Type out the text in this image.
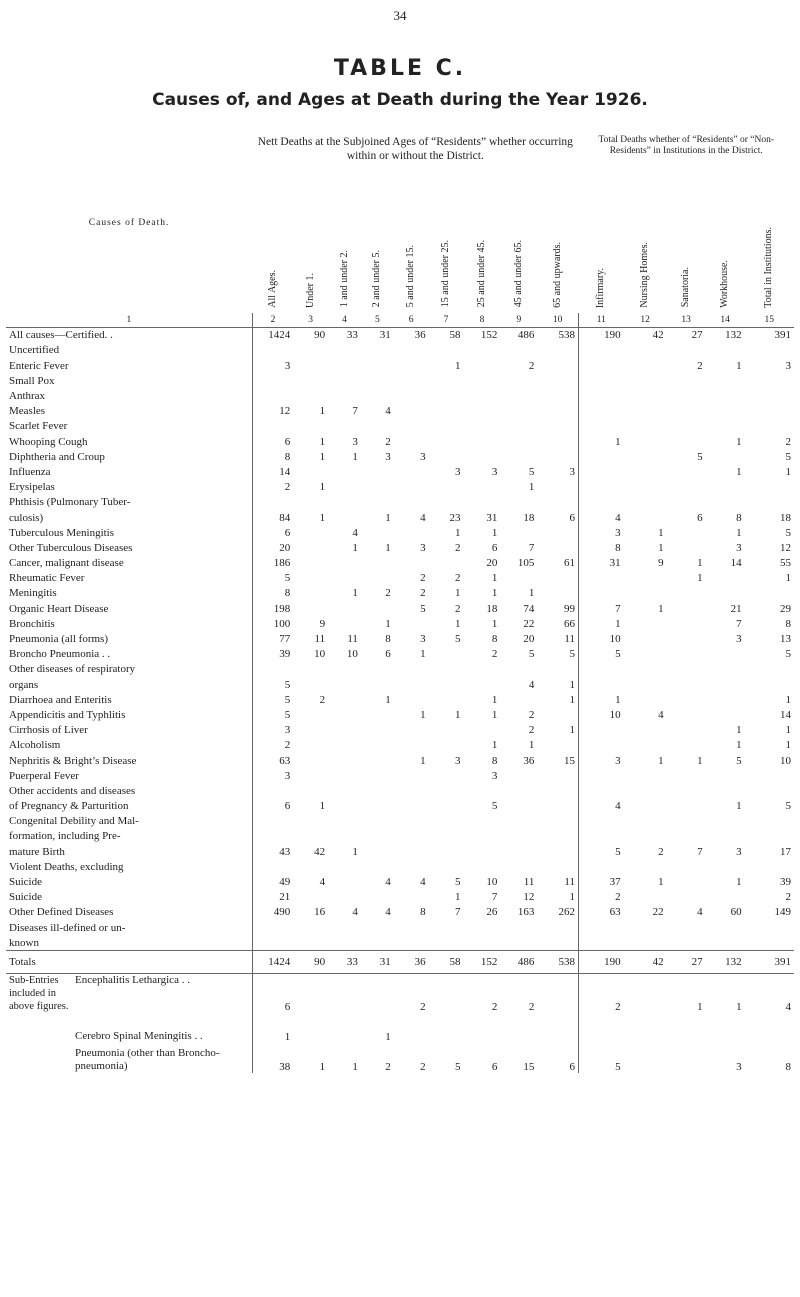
34
TABLE C.
Causes of, and Ages at Death during the Year 1926.
Causes of Death.	Nett Deaths at the Subjoined Ages of “Residents” whether occurring within or without the District.									Total Deaths whether of “Residents” or “Non-Residents” in Institutions in the District.				
	All Ages.	Under 1.	1 and under 2.	2 and under 5.	5 and under 15.	15 and under 25.	25 and under 45.	45 and under 65.	65 and upwards.	Infirmary.	Nursing Homes.	Sanatoria.	Workhouse.	Total in Institutions.
1	2	3	4	5	6	7	8	9	10	11	12	13	14	15
All causes—Certified. .	1424	90	33	31	36	58	152	486	538	190	42	27	132	391
Uncertified														
Enteric Fever	3					1		2				2	1	3
Small Pox														
Anthrax														
Measles	12	1	7	4										
Scarlet Fever														
Whooping Cough	6	1	3	2						1			1	2
Diphtheria and Croup	8	1	1	3	3							5		5
Influenza	14					3	3	5	3				1	1
Erysipelas	2	1						1						
Phthisis (Pulmonary Tuber-														
culosis)	84	1		1	4	23	31	18	6	4		6	8	18
Tuberculous Meningitis	6		4			1	1			3	1		1	5
Other Tuberculous Diseases	20		1	1	3	2	6	7		8	1		3	12
Cancer, malignant disease	186						20	105	61	31	9	1	14	55
Rheumatic Fever	5				2	2	1					1		1
Meningitis	8		1	2	2	1	1	1						
Organic Heart Disease	198				5	2	18	74	99	7	1		21	29
Bronchitis	100	9		1		1	1	22	66	1			7	8
Pneumonia (all forms)	77	11	11	8	3	5	8	20	11	10			3	13
Broncho Pneumonia . .	39	10	10	6	1		2	5	5	5				5
Other diseases of respiratory														
organs	5							4	1					
Diarrhoea and Enteritis	5	2		1			1		1	1				1
Appendicitis and Typhlitis	5				1	1	1	2		10	4			14
Cirrhosis of Liver	3							2	1				1	1
Alcoholism	2						1	1					1	1
Nephritis & Bright’s Disease	63				1	3	8	36	15	3	1	1	5	10
Puerperal Fever	3						3							
Other accidents and diseases														
of Pregnancy & Parturition	6	1					5			4			1	5
Congenital Debility and Mal-														
formation, including Pre-														
mature Birth	43	42	1							5	2	7	3	17
Violent Deaths, excluding														
Suicide	49	4		4	4	5	10	11	11	37	1		1	39
Suicide	21					1	7	12	1	2				2
Other Defined Diseases	490	16	4	4	8	7	26	163	262	63	22	4	60	149
Diseases ill-defined or un-														
known														
Totals	1424	90	33	31	36	58	152	486	538	190	42	27	132	391

Sub-Entries included in above figures.
Encephalitis Lethargica . .	6				2		2	2		2		1	1	4

Cerebro Spinal Meningitis . .	1			1										

Pneumonia (other than Broncho-pneumonia)	38	1	1	2	2	5	6	15	6	5			3	8
